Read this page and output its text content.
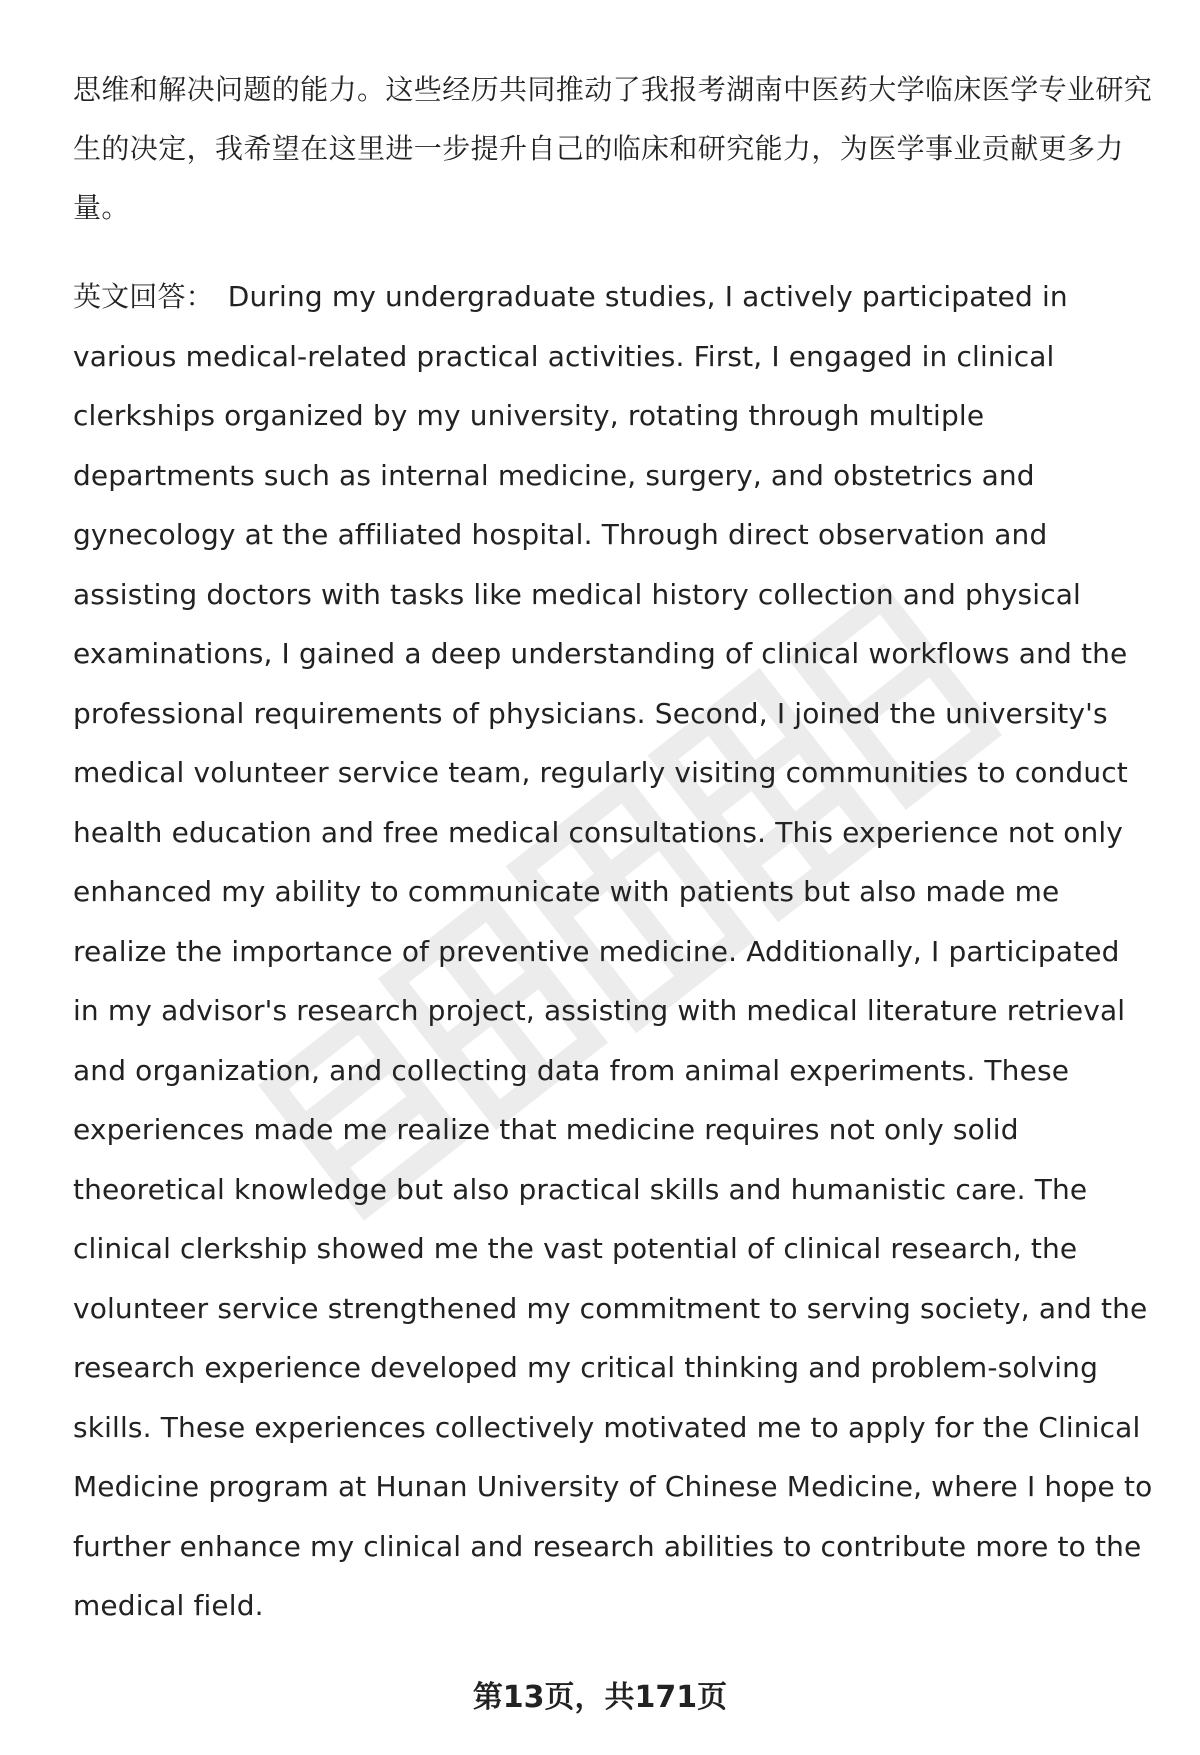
思维和解决问题的能力。这些经历共同推动了我报考湖南中医药大学临床医学专业研究生的决定，我希望在这里进一步提升自己的临床和研究能力，为医学事业贡献更多力量。

英文回答： During my undergraduate studies, I actively participated in various medical-related practical activities. First, I engaged in clinical clerkships organized by my university, rotating through multiple departments such as internal medicine, surgery, and obstetrics and gynecology at the affiliated hospital. Through direct observation and assisting doctors with tasks like medical history collection and physical examinations, I gained a deep understanding of clinical workflows and the professional requirements of physicians. Second, I joined the university's medical volunteer service team, regularly visiting communities to conduct health education and free medical consultations. This experience not only enhanced my ability to communicate with patients but also made me realize the importance of preventive medicine. Additionally, I participated in my advisor's research project, assisting with medical literature retrieval and organization, and collecting data from animal experiments. These experiences made me realize that medicine requires not only solid theoretical knowledge but also practical skills and humanistic care. The clinical clerkship showed me the vast potential of clinical research, the volunteer service strengthened my commitment to serving society, and the research experience developed my critical thinking and problem-solving skills. These experiences collectively motivated me to apply for the Clinical Medicine program at Hunan University of Chinese Medicine, where I hope to further enhance my clinical and research abilities to contribute more to the medical field.

第13页，共171页
